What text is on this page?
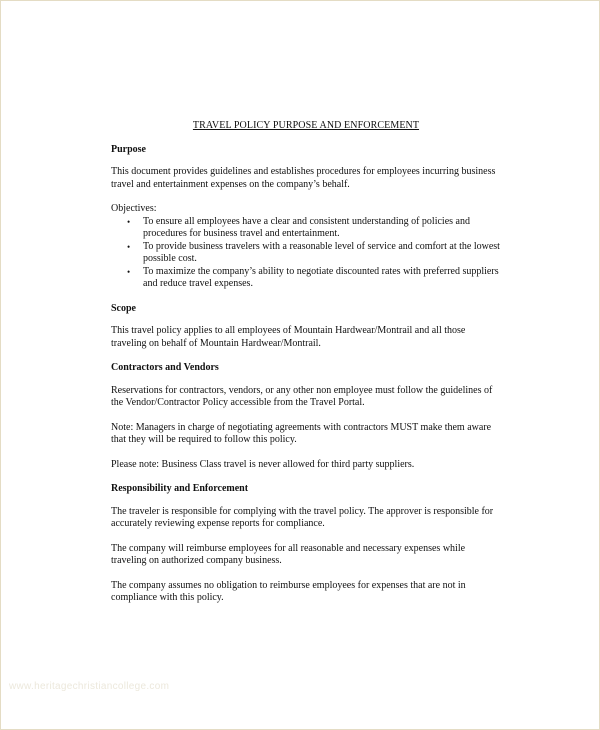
TRAVEL POLICY PURPOSE AND ENFORCEMENT
Purpose
This document provides guidelines and establishes procedures for employees incurring business travel and entertainment expenses on the company’s behalf.
Objectives:
• To ensure all employees have a clear and consistent understanding of policies and procedures for business travel and entertainment.
• To provide business travelers with a reasonable level of service and comfort at the lowest possible cost.
• To maximize the company’s ability to negotiate discounted rates with preferred suppliers and reduce travel expenses.
Scope
This travel policy applies to all employees of Mountain Hardwear/Montrail and all those traveling on behalf of Mountain Hardwear/Montrail.
Contractors and Vendors
Reservations for contractors, vendors, or any other non employee must follow the guidelines of the Vendor/Contractor Policy accessible from the Travel Portal.
Note: Managers in charge of negotiating agreements with contractors MUST make them aware that they will be required to follow this policy.
Please note: Business Class travel is never allowed for third party suppliers.
Responsibility and Enforcement
The traveler is responsible for complying with the travel policy. The approver is responsible for accurately reviewing expense reports for compliance.
The company will reimburse employees for all reasonable and necessary expenses while traveling on authorized company business.
The company assumes no obligation to reimburse employees for expenses that are not in compliance with this policy.
www.heritagechristiancollege.com
